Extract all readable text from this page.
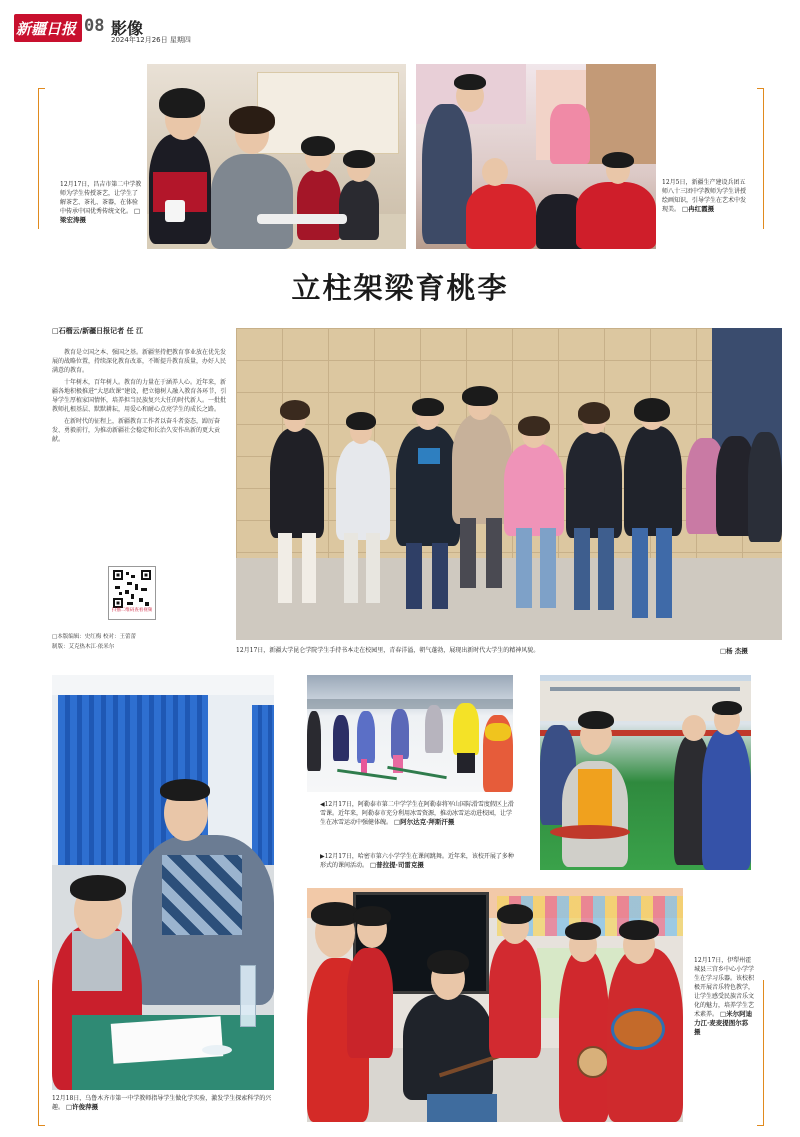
新疆日报 08 影像
2024年12月26日 星期四
12月17日，昌吉市第二中学教师为学生传授茶艺，让学生了解茶艺、茶礼、茶器，在体验中传承中国优秀传统文化。 □梁宏涛摄
12月5日，新疆生产建设兵团五师八十三团中学教师为学生讲授绘画知识，引导学生在艺术中发现美。 □冉红霞摄
立柱架梁育桃李
□石榴云/新疆日报记者 任 江
教育是立国之本、强国之基。新疆坚持把教育事业放在优先发展的战略位置，持续深化教育改革，不断提升教育质量，办好人民满意的教育。
十年树木，百年树人。教育的力量在于涵养人心。近年来，新疆各地积极推进“大思政课”建设，把立德树人融入教育各环节，引导学生厚植家国情怀，培养担当民族复兴大任的时代新人。一批批教师扎根基层、默默耕耘，用爱心和耐心点亮学生的成长之路。
在新时代的征程上，新疆教育工作者以奋斗者姿态，踔厉奋发、勇毅前行，为推动新疆社会稳定和长治久安作出新的更大贡献。
扫描二维码查看视频
□本版编辑：史红梅 校对：王蕾蕾
制版：艾克热木江·依米尔	12月17日，新疆大学昆仑学院学生手持书本走在校园里，青春洋溢，朝气蓬勃，展现出新时代大学生的精神风貌。	□杨 杰摄
12月18日，乌鲁木齐市第一中学教师指导学生做化学实验，激发学生探索科学的兴趣。 □许俊萍摄
◀12月17日，阿勒泰市第二中学学生在阿勒泰将军山国际滑雪度假区上滑雪课。近年来，阿勒泰市充分利用冰雪资源，推动冰雪运动进校园，让学生在冰雪运动中强健体魄。 □阿尔达克·拜斯汗摄
▶12月17日，哈密市第六小学学生在课间跳舞。近年来，该校开展了多种形式的课间活动。 □普拉提·司雷克摄
12月17日，伊犁州霍城县三宫乡中心小学学生在学习乐器。该校积极开展音乐特色教学，让学生感受民族音乐文化的魅力，培养学生艺术素养。 □米尔阿迪力江·麦麦提图尔荪摄
